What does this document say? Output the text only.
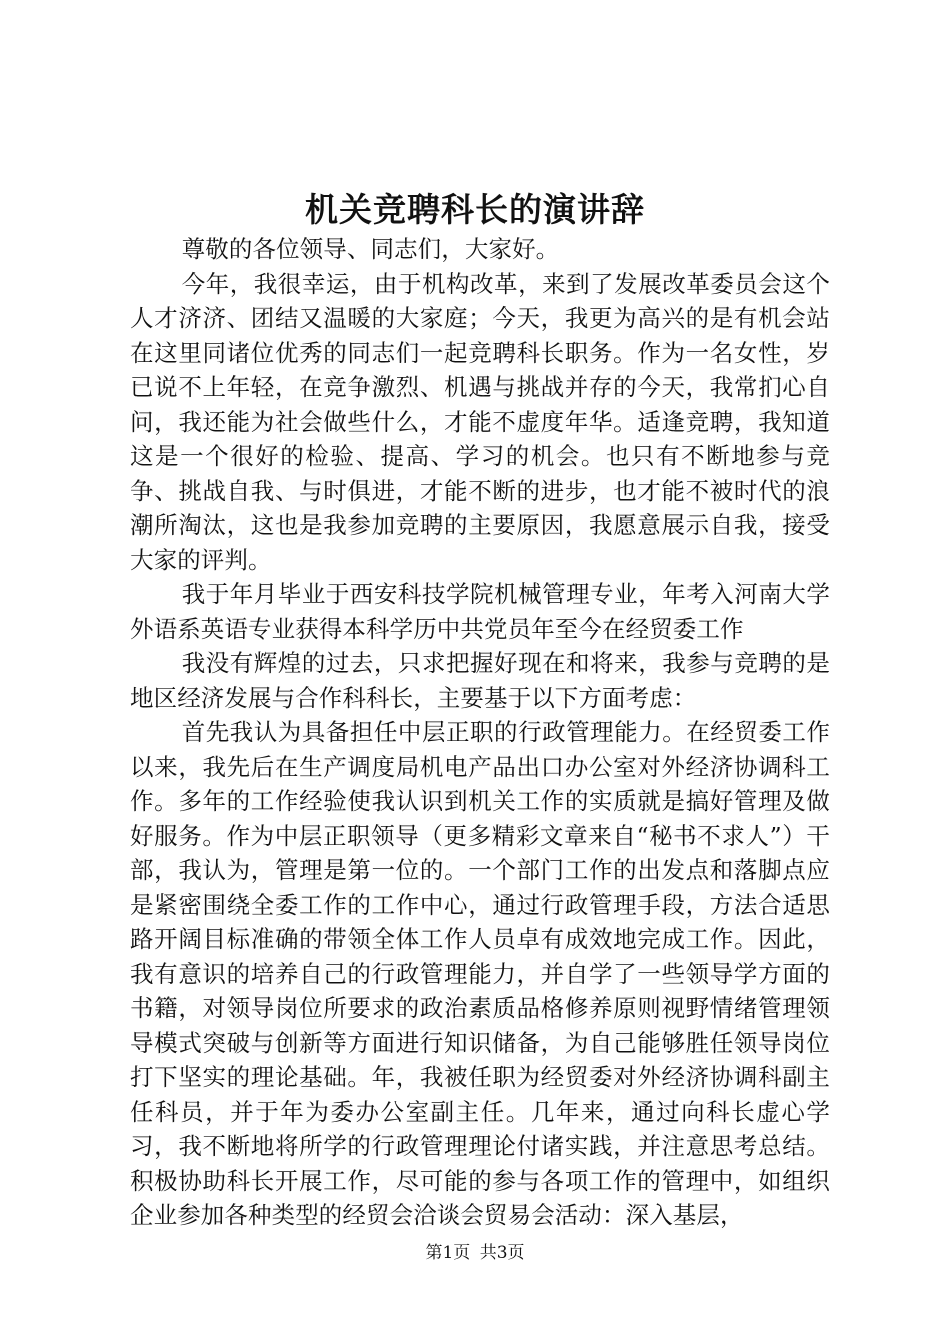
机关竞聘科长的演讲辞

尊敬的各位领导、同志们，大家好。

今年，我很幸运，由于机构改革，来到了发展改革委员会这个人才济济、团结又温暖的大家庭；今天，我更为高兴的是有机会站在这里同诸位优秀的同志们一起竞聘科长职务。作为一名女性，岁已说不上年轻，在竞争激烈、机遇与挑战并存的今天，我常扪心自问，我还能为社会做些什么，才能不虚度年华。适逢竞聘，我知道这是一个很好的检验、提高、学习的机会。也只有不断地参与竞争、挑战自我、与时俱进，才能不断的进步，也才能不被时代的浪潮所淘汰，这也是我参加竞聘的主要原因，我愿意展示自我，接受大家的评判。

我于年月毕业于西安科技学院机械管理专业，年考入河南大学外语系英语专业获得本科学历中共党员年至今在经贸委工作

我没有辉煌的过去，只求把握好现在和将来，我参与竞聘的是地区经济发展与合作科科长，主要基于以下方面考虑：

首先我认为具备担任中层正职的行政管理能力。在经贸委工作以来，我先后在生产调度局机电产品出口办公室对外经济协调科工作。多年的工作经验使我认识到机关工作的实质就是搞好管理及做好服务。作为中层正职领导（更多精彩文章来自“秘书不求人”）干部，我认为，管理是第一位的。一个部门工作的出发点和落脚点应是紧密围绕全委工作的工作中心，通过行政管理手段，方法合适思路开阔目标准确的带领全体工作人员卓有成效地完成工作。因此，我有意识的培养自己的行政管理能力，并自学了一些领导学方面的书籍，对领导岗位所要求的政治素质品格修养原则视野情绪管理领导模式突破与创新等方面进行知识储备，为自己能够胜任领导岗位打下坚实的理论基础。年，我被任职为经贸委对外经济协调科副主任科员，并于年为委办公室副主任。几年来，通过向科长虚心学习，我不断地将所学的行政管理理论付诸实践，并注意思考总结。积极协助科长开展工作，尽可能的参与各项工作的管理中，如组织企业参加各种类型的经贸会洽谈会贸易会活动：深入基层，

第1页 共3页
